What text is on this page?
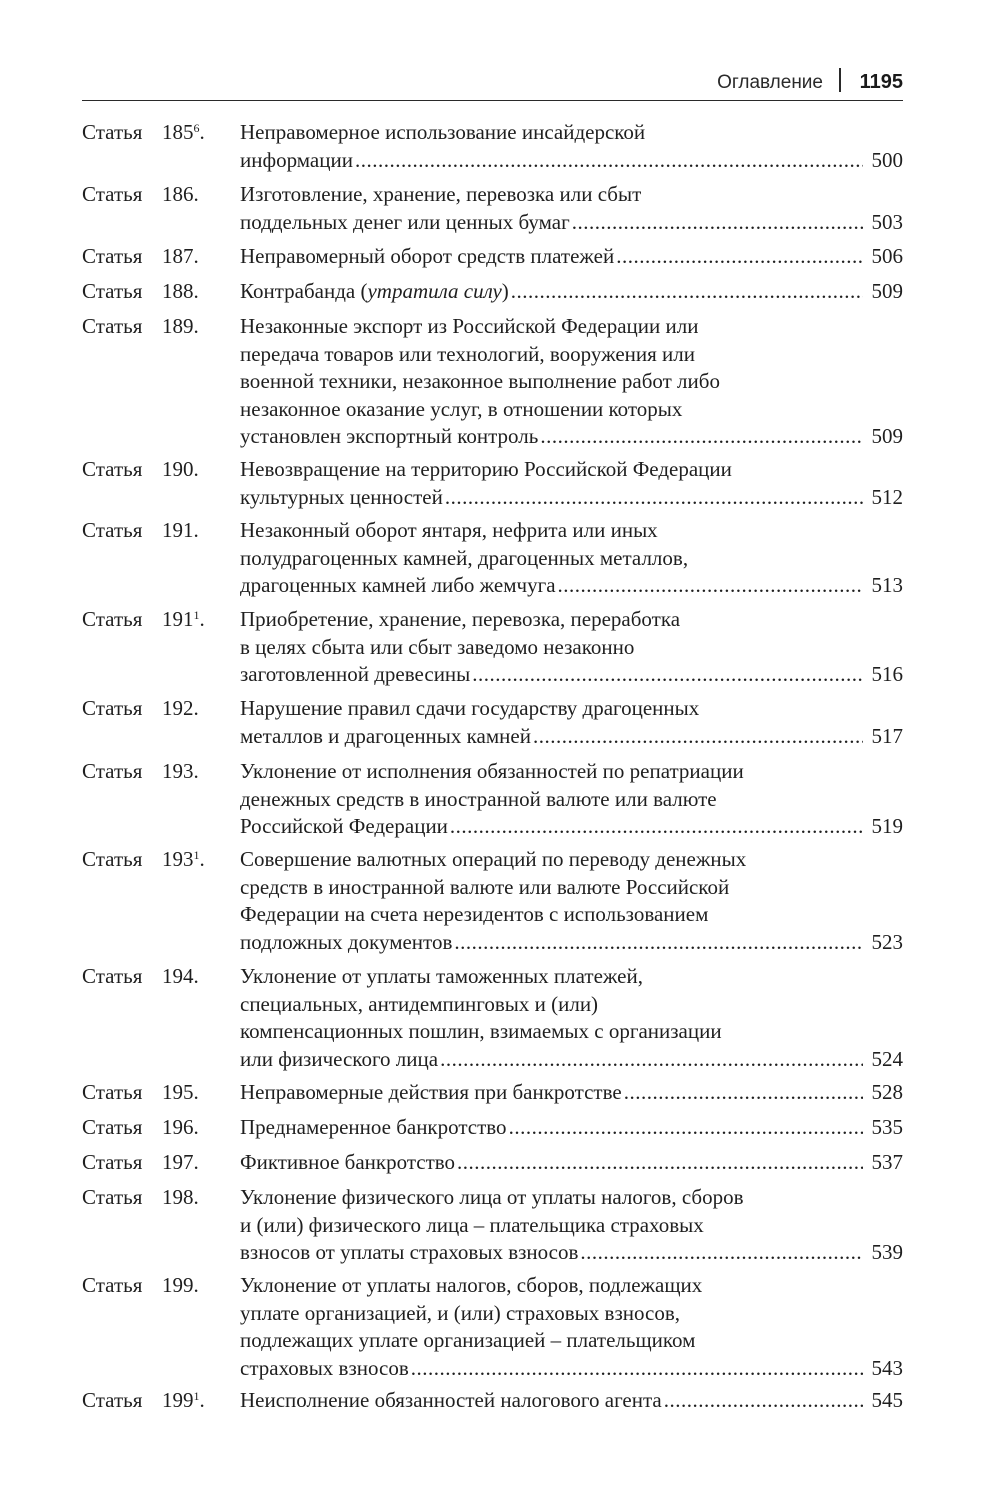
Оглавление 1195
Статья $185^6$. Неправомерное использование инсайдерской
информации .....	500
Статья 186. Изготовление, хранение, перевозка или сбыт
поддельных денег или ценных бумаг .....	503
Статья 187. Неправомерный оборот средств платежей .....	506
Статья 188. Контрабанда (утратила силу) .....	509
Статья 189. Незаконные экспорт из Российской Федерации или
передача товаров или технологий, вооружения или
военной техники, незаконное выполнение работ либо
незаконное оказание услуг, в отношении которых
установлен экспортный контроль .....	509
Статья 190. Невозвращение на территорию Российской Федерации
культурных ценностей .....	512
Статья 191. Незаконный оборот янтаря, нефрита или иных
полудрагоценных камней, драгоценных металлов,
драгоценных камней либо жемчуга .....	513
Статья $191^1$. Приобретение, хранение, перевозка, переработка
в целях сбыта или сбыт заведомо незаконно
заготовленной древесины .....	516
Статья 192. Нарушение правил сдачи государству драгоценных
металлов и драгоценных камней .....	517
Статья 193. Уклонение от исполнения обязанностей по репатриации
денежных средств в иностранной валюте или валюте
Российской Федерации .....	519
Статья $193^1$. Совершение валютных операций по переводу денежных
средств в иностранной валюте или валюте Российской
Федерации на счета нерезидентов с использованием
подложных документов .....	523
Статья 194. Уклонение от уплаты таможенных платежей,
специальных, антидемпинговых и (или)
компенсационных пошлин, взимаемых с организации
или физического лица .....	524
Статья 195. Неправомерные действия при банкротстве .....	528
Статья 196. Преднамеренное банкротство .....	535
Статья 197. Фиктивное банкротство .....	537
Статья 198. Уклонение физического лица от уплаты налогов, сборов
и (или) физического лица – плательщика страховых
взносов от уплаты страховых взносов .....	539
Статья 199. Уклонение от уплаты налогов, сборов, подлежащих
уплате организацией, и (или) страховых взносов,
подлежащих уплате организацией – плательщиком
страховых взносов .....	543
Статья $199^1$. Неисполнение обязанностей налогового агента .....	545
